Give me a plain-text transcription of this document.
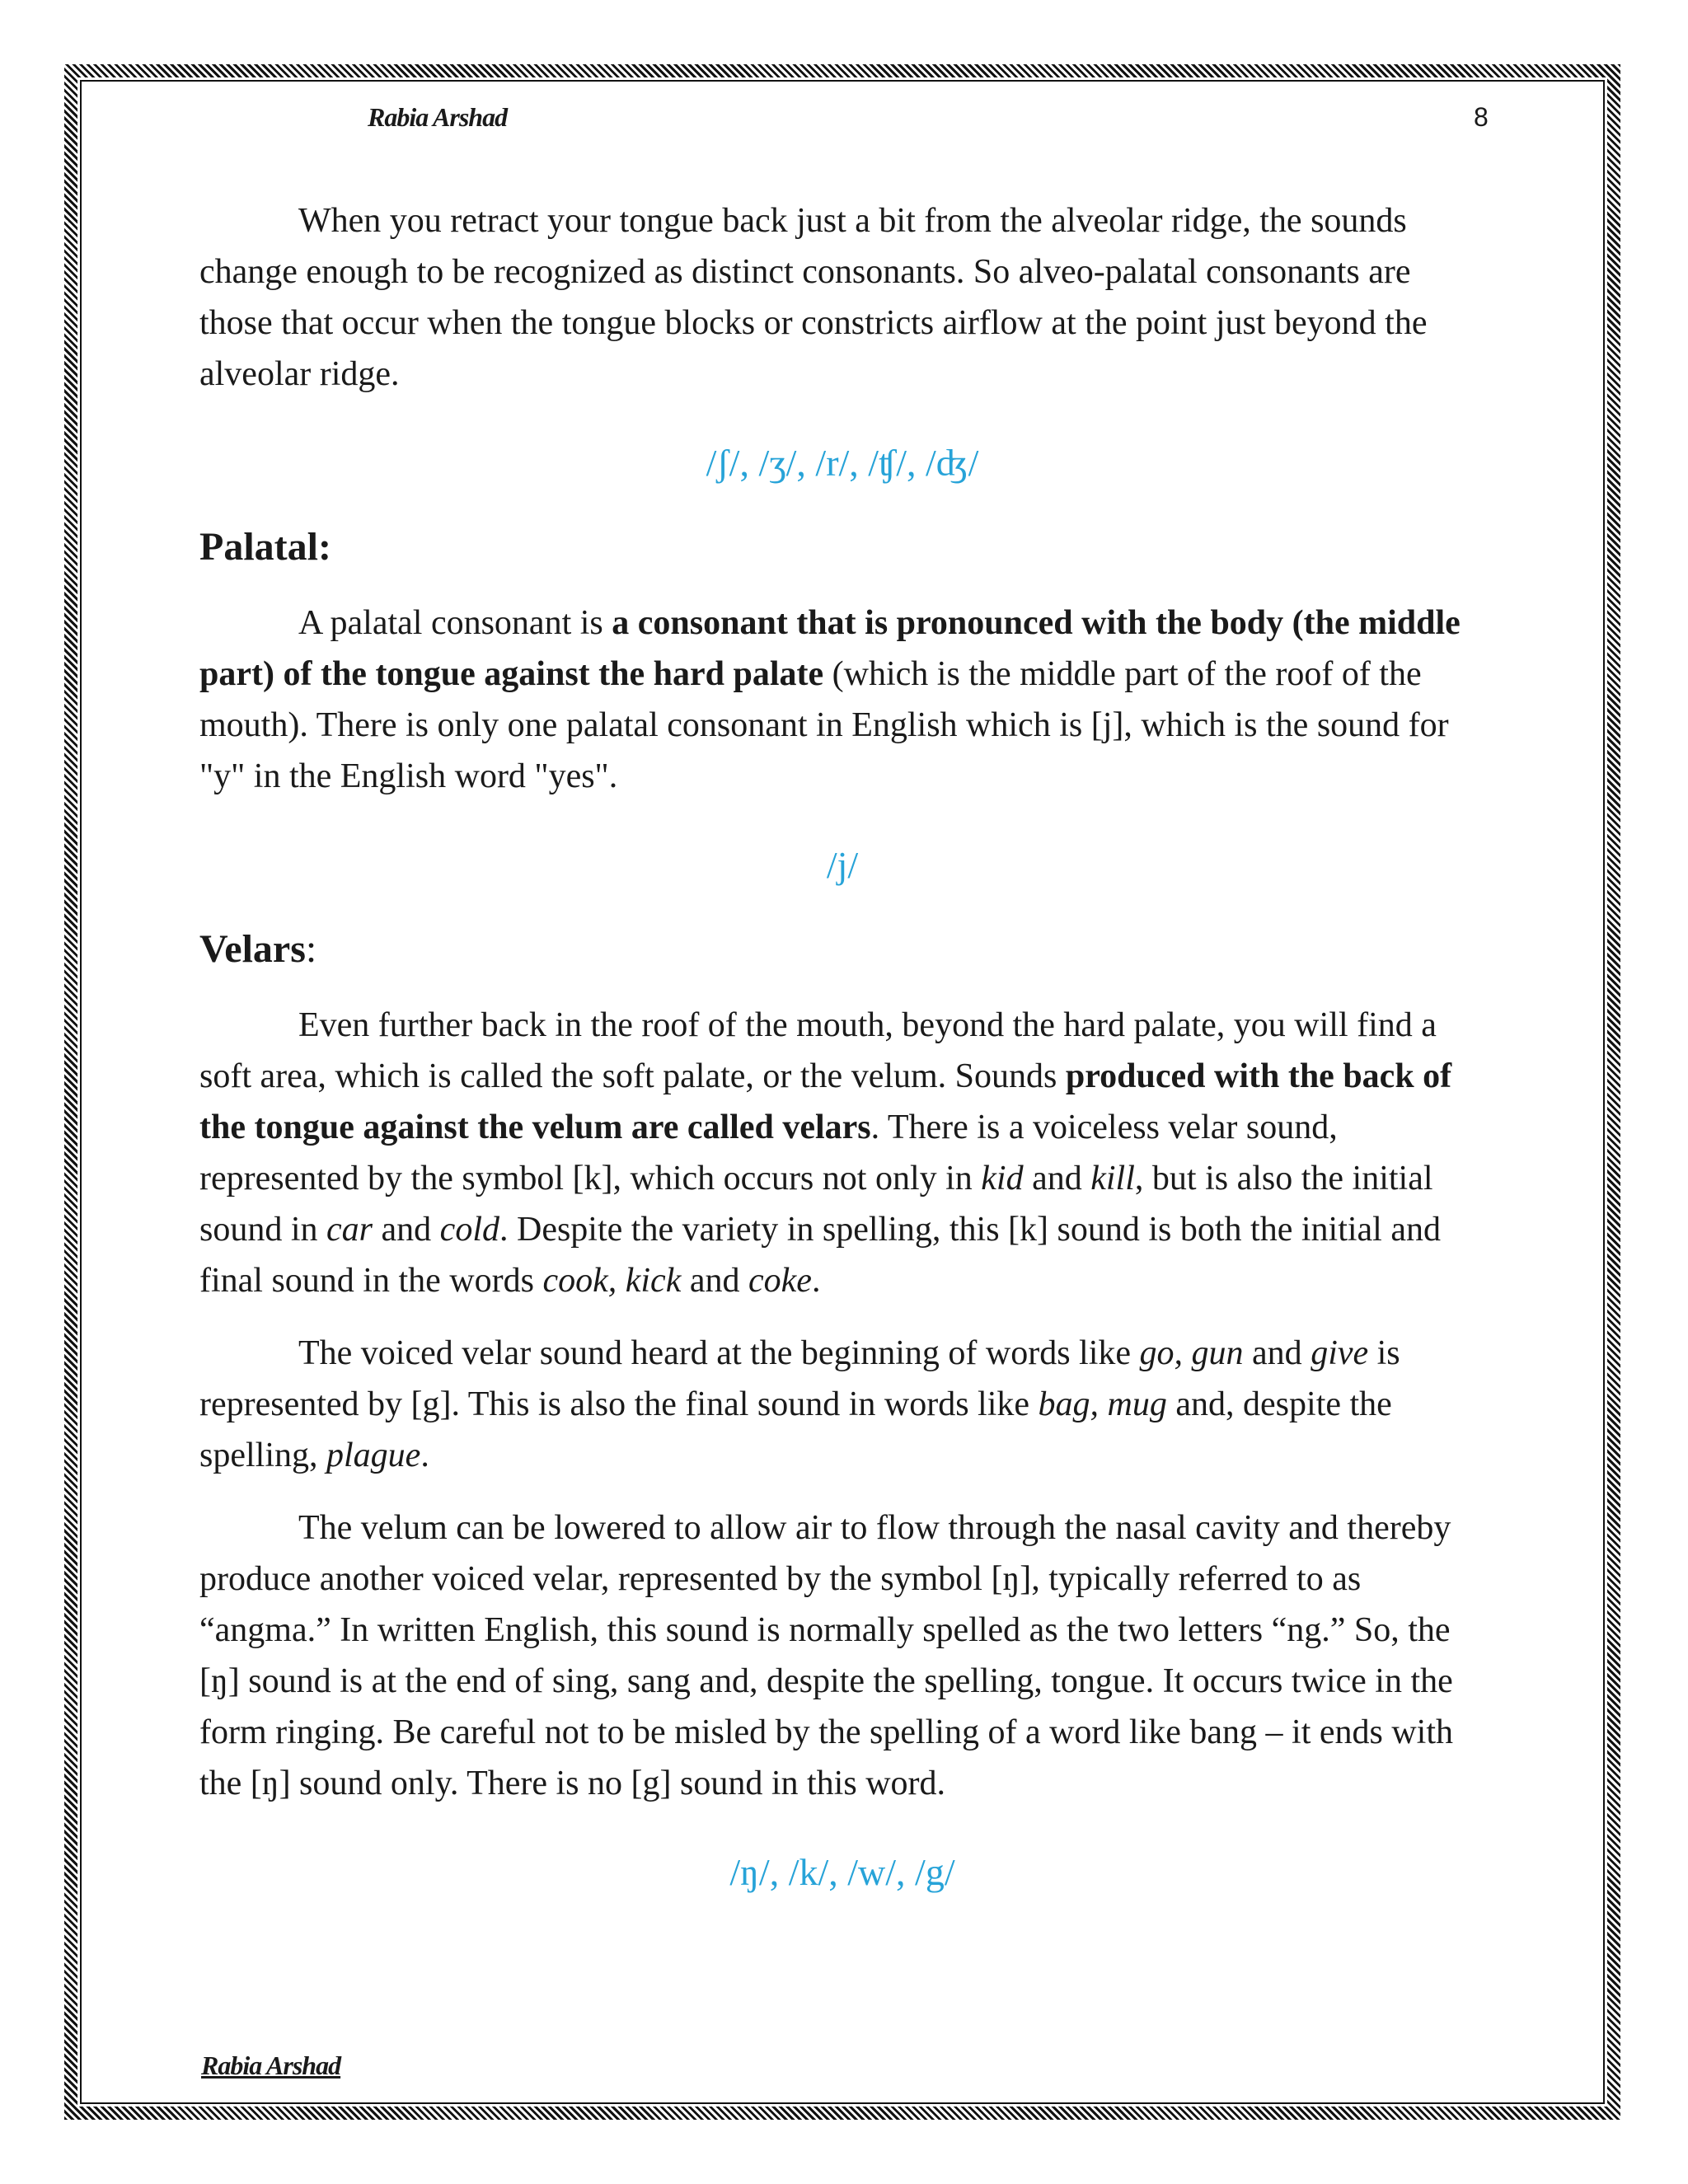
Rabia Arshad	8

When you retract your tongue back just a bit from the alveolar ridge, the sounds change enough to be recognized as distinct consonants. So alveo-palatal consonants are those that occur when the tongue blocks or constricts airflow at the point just beyond the alveolar ridge.

/ʃ/, /ʒ/, /r/, /ʧ/, /ʤ/
Palatal:

A palatal consonant is a consonant that is pronounced with the body (the middle part) of the tongue against the hard palate (which is the middle part of the roof of the mouth). There is only one palatal consonant in English which is [j], which is the sound for "y" in the English word "yes".

/j/
Velars:

Even further back in the roof of the mouth, beyond the hard palate, you will find a soft area, which is called the soft palate, or the velum. Sounds produced with the back of the tongue against the velum are called velars. There is a voiceless velar sound, represented by the symbol [k], which occurs not only in kid and kill, but is also the initial sound in car and cold. Despite the variety in spelling, this [k] sound is both the initial and final sound in the words cook, kick and coke.

The voiced velar sound heard at the beginning of words like go, gun and give is represented by [g]. This is also the final sound in words like bag, mug and, despite the spelling, plague.

The velum can be lowered to allow air to flow through the nasal cavity and thereby produce another voiced velar, represented by the symbol [ŋ], typically referred to as “angma.” In written English, this sound is normally spelled as the two letters “ng.” So, the [ŋ] sound is at the end of sing, sang and, despite the spelling, tongue. It occurs twice in the form ringing. Be careful not to be misled by the spelling of a word like bang – it ends with the [ŋ] sound only. There is no [g] sound in this word.

/ŋ/, /k/, /w/, /g/
Rabia Arshad
